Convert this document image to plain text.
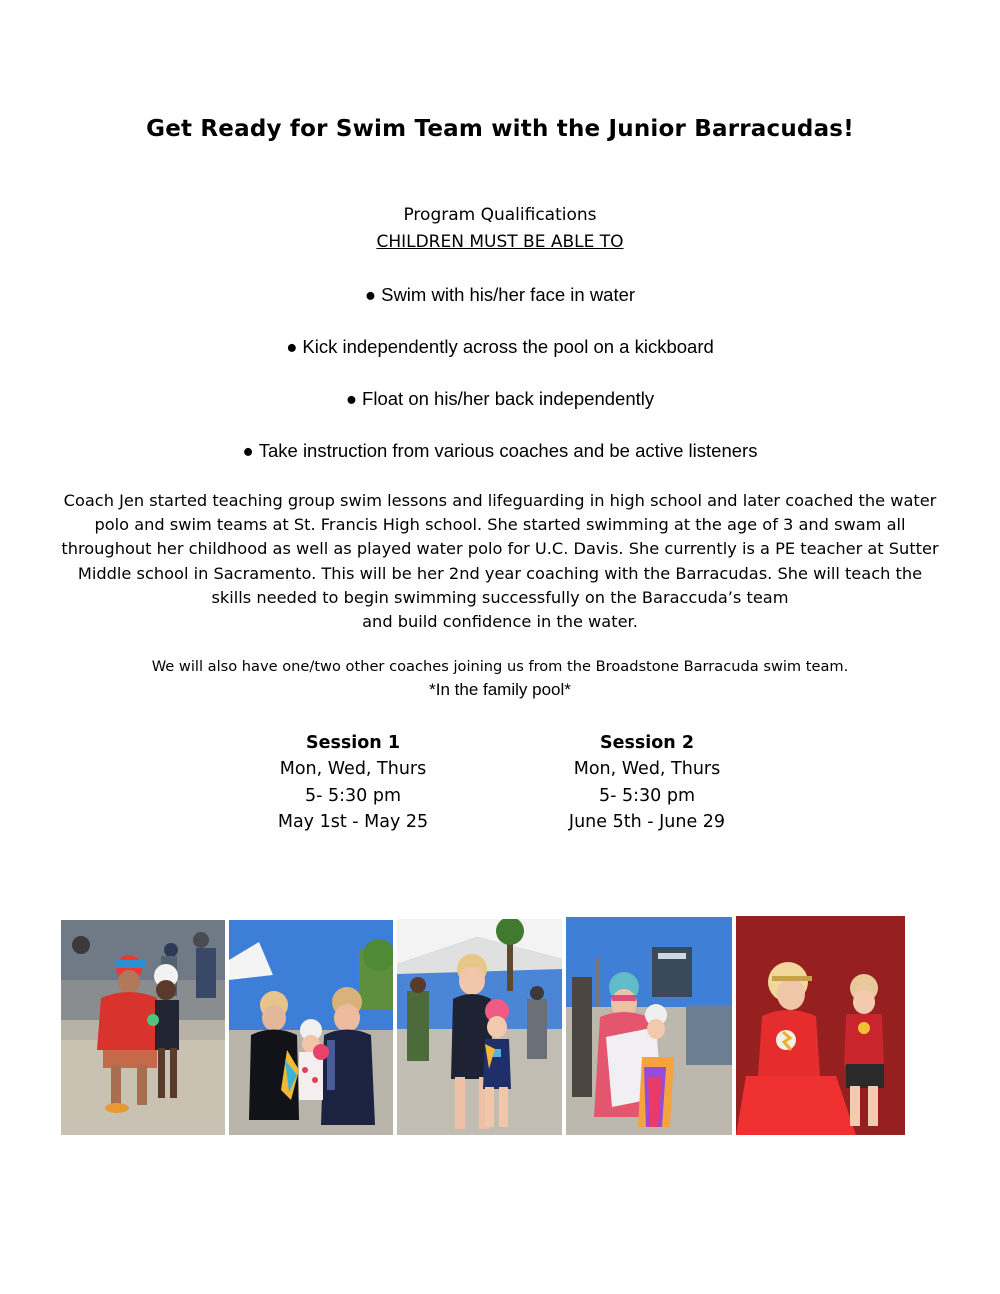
Get Ready for Swim Team with the Junior Barracudas!
Program Qualifications
CHILDREN MUST BE ABLE TO
● Swim with his/her face in water
● Kick independently across the pool on a kickboard
● Float on his/her back independently
● Take instruction from various coaches and be active listeners

Coach Jen started teaching group swim lessons and lifeguarding in high school and later coached the water

polo and swim teams at St. Francis High school. She started swimming at the age of 3 and swam all

throughout her childhood as well as played water polo for U.C. Davis. She currently is a PE teacher at Sutter

Middle school in Sacramento. This will be her 2nd year coaching with the Barracudas. She will teach the

skills needed to begin swimming successfully on the Baraccuda’s team

and build confidence in the water.

We will also have one/two other coaches joining us from the Broadstone Barracuda swim team.
*In the family pool*
Session 1
Mon, Wed, Thurs
5- 5:30 pm
May 1st - May 25
Session 2
Mon, Wed, Thurs
5- 5:30 pm
June 5th - June 29
